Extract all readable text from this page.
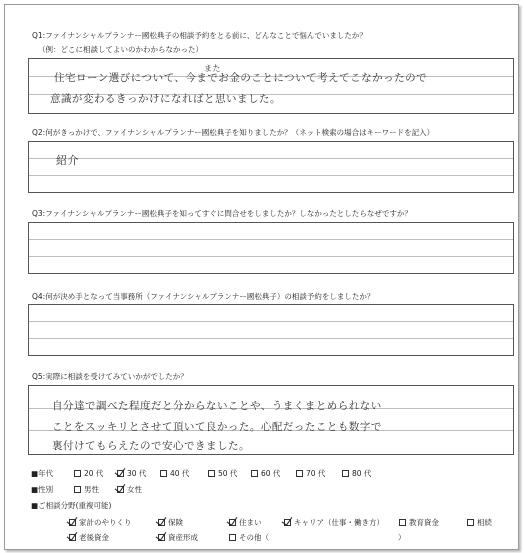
Q1:ファイナンシャルプランナー國松典子の相談予約をとる前に、どんなことで悩んでいましたか？
（例：どこに相談してよいのかわからなかった）
また
住宅ローン選びについて、今までお金のことについて考えてこなかったので
意識が変わるきっかけになればと思いました。
Q2:何がきっかけで、ファイナンシャルプランナー國松典子を知りましたか？（ネット検索の場合はキーワードを記入）
紹介
Q3:ファイナンシャルプランナー國松典子を知ってすぐに問合せをしましたか？しなかったとしたらなぜですか？
Q4:何が決め手となって当事務所（ファイナンシャルプランナー國松典子）の相談予約をしましたか？
Q5:実際に相談を受けてみていかがでしたか？
自分達で調べた程度だと分からないことや、うまくまとめられない
ことをスッキリとさせて頂いて良かった。心配だったことも数字で
裏付けてもらえたので安心できました。
■年代	20 代	30 代	40 代	50 代	60 代	70 代	80 代
■性別	男性	女性
■ご相談分野(重複可能)
家計のやりくり	保険	住まい	キャリア（仕事・働き方）	教育資金	相続
老後資金	資産形成	その他（	）
